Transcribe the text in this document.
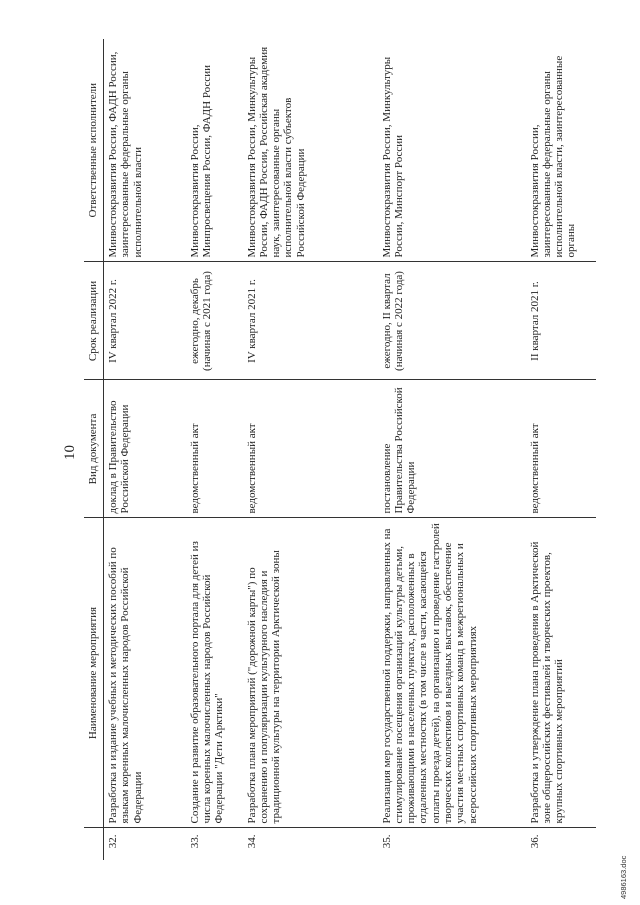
10
	Наименование мероприятия	Вид документа	Срок реализации	Ответственные исполнители
32.	Разработка и издание учебных и методических пособий по языкам коренных малочисленных народов Российской Федерации	доклад в Правительство Российской Федерации	IV квартал 2022 г.	Минвостокразвития России, ФАДН России, заинтересованные федеральные органы исполнительной власти
33.	Создание и развитие образовательного портала для детей из числа коренных малочисленных народов Российской Федерации "Дети Арктики"	ведомственный акт	ежегодно, декабрь (начиная с 2021 года)	Минвостокразвития России, Минпросвещения России, ФАДН России
34.	Разработка плана мероприятий ("дорожной карты") по сохранению и популяризации культурного наследия и традиционной культуры на территории Арктической зоны	ведомственный акт	IV квартал 2021 г.	Минвостокразвития России, Минкультуры России, ФАДН России, Российская академия наук, заинтересованные органы исполнительной власти субъектов Российской Федерации
35.	Реализация мер государственной поддержки, направленных на стимулирование посещения организаций культуры детьми, проживающими в населенных пунктах, расположенных в отдаленных местностях (в том числе в части, касающейся оплаты проезда детей), на организацию и проведение гастролей творческих коллективов и выездных выставок, обеспечение участия местных спортивных команд в межрегиональных и всероссийских спортивных мероприятиях	постановление Правительства Российской Федерации	ежегодно, II квартал (начиная с 2022 года)	Минвостокразвития России, Минкультуры России, Минспорт России
36.	Разработка и утверждение плана проведения в Арктической зоне общероссийских фестивалей и творческих проектов, крупных спортивных мероприятий	ведомственный акт	II квартал 2021 г.	Минвостокразвития России, заинтересованные федеральные органы исполнительной власти, заинтересованные органы
4986163.doc
